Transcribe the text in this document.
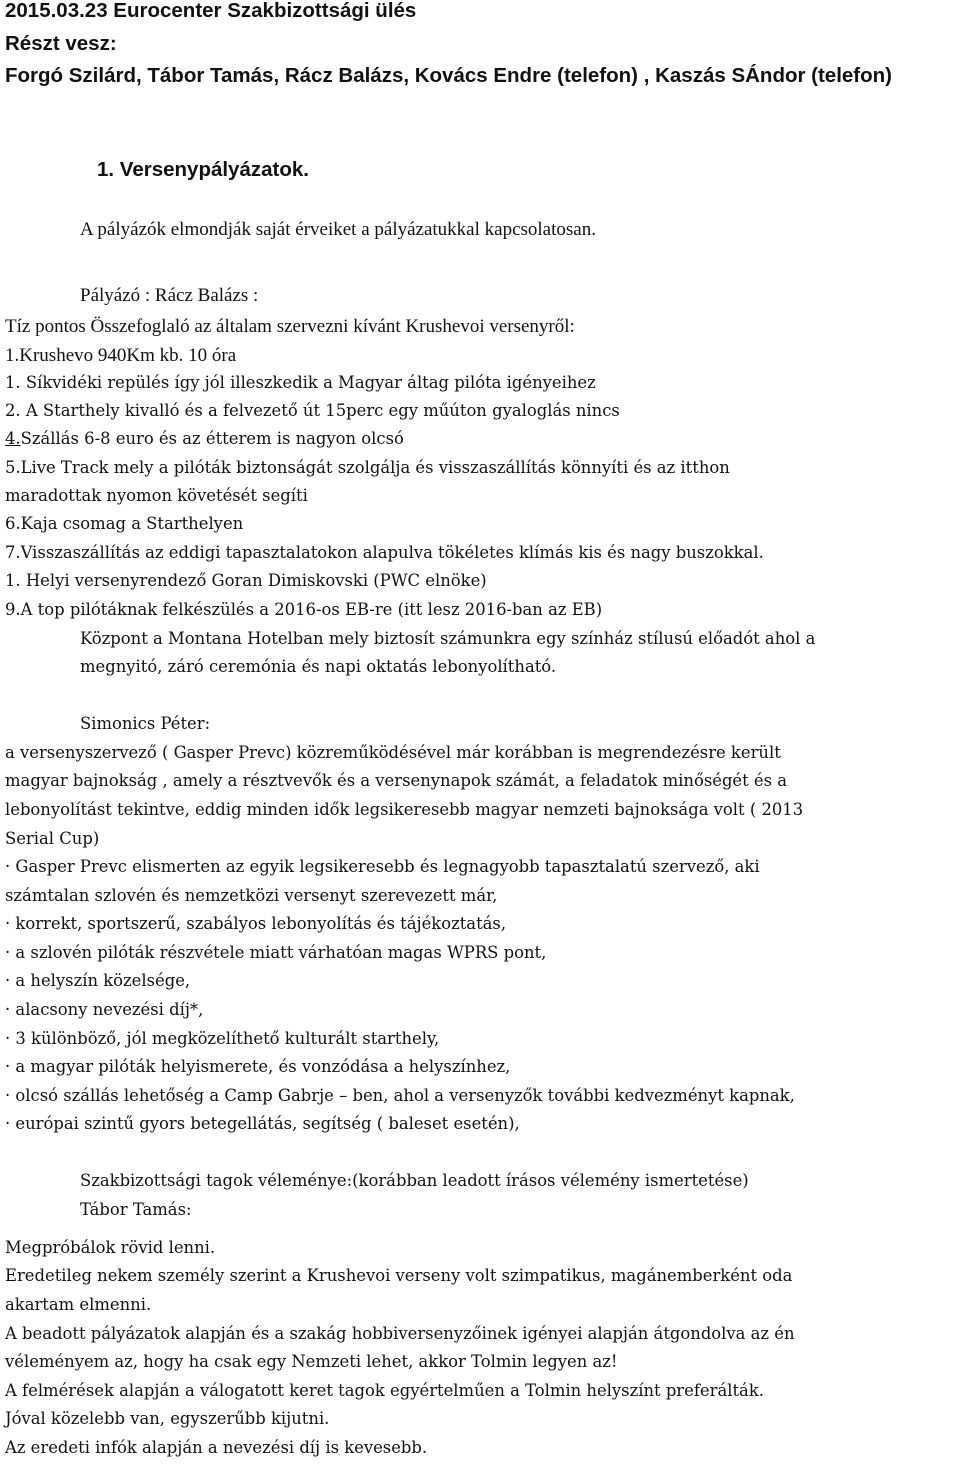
2015.03.23 Eurocenter Szakbizottsági ülés
Részt vesz:
Forgó Szilárd, Tábor Tamás, Rácz Balázs, Kovács Endre (telefon) , Kaszás SÁndor (telefon)
1. Versenypályázatok.
A pályázók elmondják saját érveiket a pályázatukkal kapcsolatosan.
Pályázó : Rácz Balázs :
Tíz pontos Összefoglaló az általam szervezni kívánt Krushevoi versenyről:
1.Krushevo 940Km kb. 10 óra
1. Síkvidéki repülés így jól illeszkedik a Magyar áltag pilóta igényeihez
2. A Starthely kivalló és a felvezető út 15perc egy műúton gyaloglás nincs
4.Szállás 6-8 euro és az étterem is nagyon olcsó
5.Live Track mely a pilóták biztonságát szolgálja és visszaszállítás könnyíti és az itthon
maradottak nyomon követését segíti
6.Kaja csomag a Starthelyen
7.Visszaszállítás az eddigi tapasztalatokon alapulva tökéletes klímás kis és nagy buszokkal.
1. Helyi versenyrendező Goran Dimiskovski (PWC elnöke)
9.A top pilótáknak felkészülés a 2016-os EB-re (itt lesz 2016-ban az EB)
Központ a Montana Hotelban mely biztosít számunkra egy színház stílusú előadót ahol a
megnyitó, záró ceremónia és napi oktatás lebonyolítható.
Simonics Péter:
a versenyszervező ( Gasper Prevc) közreműködésével már korábban is megrendezésre került
magyar bajnokság , amely a résztvevők és a versenynapok számát, a feladatok minőségét és a
lebonyolítást tekintve, eddig minden idők legsikeresebb magyar nemzeti bajnoksága volt ( 2013
Serial Cup)
· Gasper Prevc elismerten az egyik legsikeresebb és legnagyobb tapasztalatú szervező, aki
számtalan szlovén és nemzetközi versenyt szerevezett már,
· korrekt, sportszerű, szabályos lebonyolítás és tájékoztatás,
· a szlovén pilóták részvétele miatt várhatóan magas WPRS pont,
· a helyszín közelsége,
· alacsony nevezési díj*,
· 3 különböző, jól megközelíthető kulturált starthely,
· a magyar pilóták helyismerete, és vonzódása a helyszínhez,
· olcsó szállás lehetőség a Camp Gabrje – ben, ahol a versenyzők további kedvezményt kapnak,
· európai szintű gyors betegellátás, segítség ( baleset esetén),
Szakbizottsági tagok véleménye:(korábban leadott írásos vélemény ismertetése)
Tábor Tamás:
Megpróbálok rövid lenni.
Eredetileg nekem személy szerint a Krushevoi verseny volt szimpatikus, magánemberként oda
akartam elmenni.
A beadott pályázatok alapján és a szakág hobbiversenyzőinek igényei alapján átgondolva az én
véleményem az, hogy ha csak egy Nemzeti lehet, akkor Tolmin legyen az!
A felmérések alapján a válogatott keret tagok egyértelműen a Tolmin helyszínt preferálták.
Jóval közelebb van, egyszerűbb kijutni.
Az eredeti infók alapján a nevezési díj is kevesebb.
